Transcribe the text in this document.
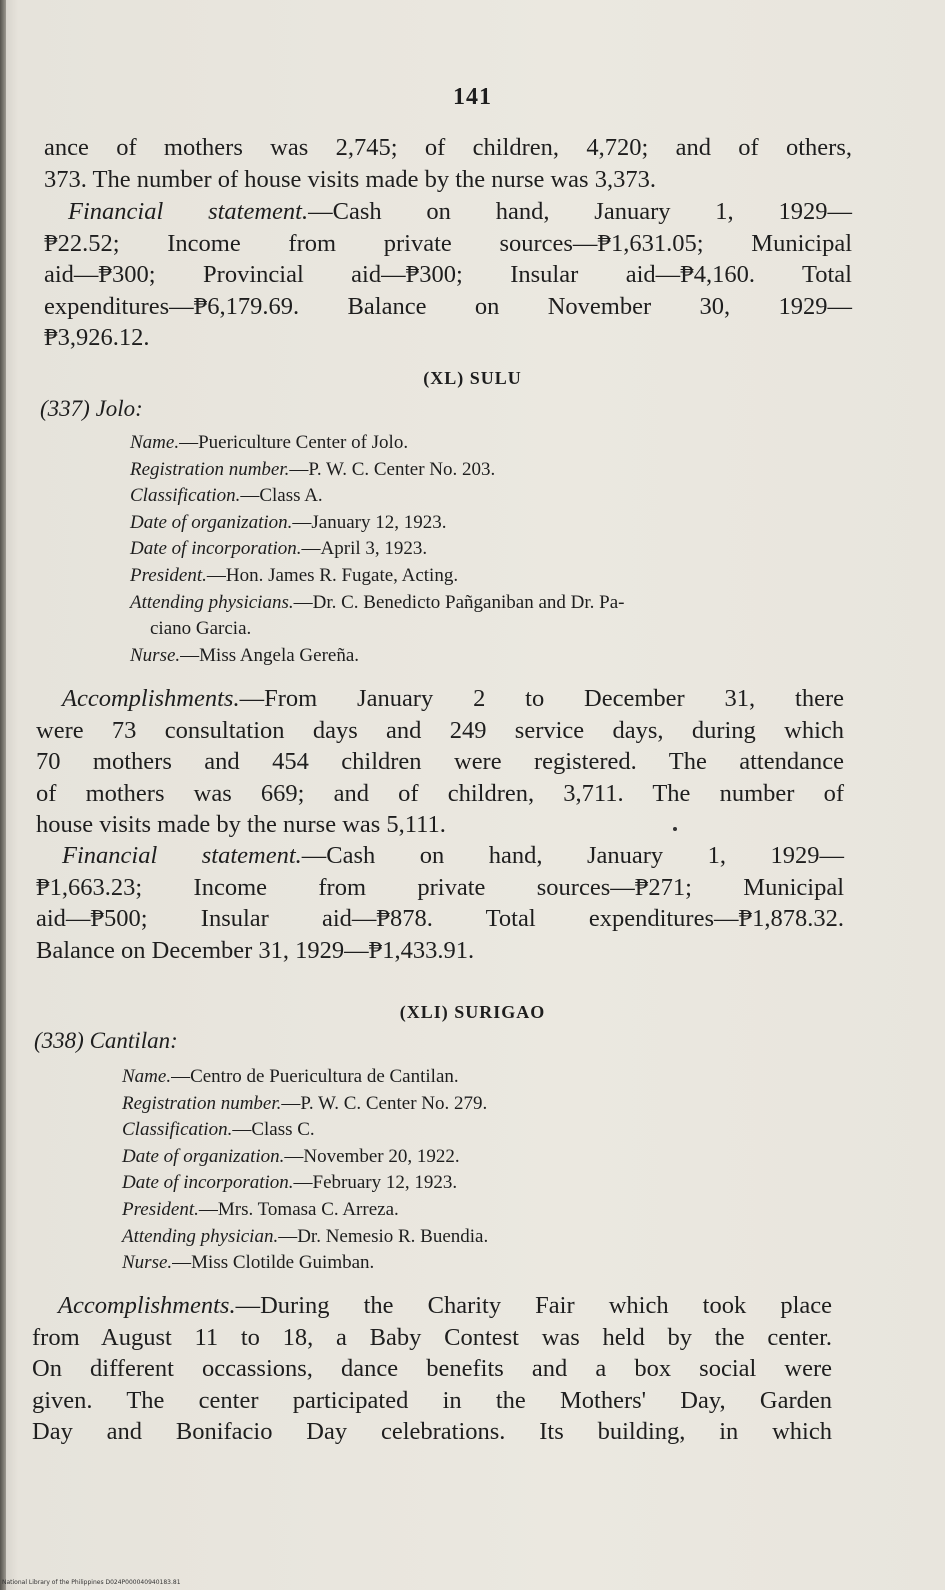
141
ance of mothers was 2,745; of children, 4,720; and of others,
373. The number of house visits made by the nurse was 3,373.
Financial statement.—Cash on hand, January 1, 1929—
₱22.52; Income from private sources—₱1,631.05; Municipal
aid—₱300; Provincial aid—₱300; Insular aid—₱4,160. Total
expenditures—₱6,179.69. Balance on November 30, 1929—
₱3,926.12.
(XL) SULU
(337) Jolo:
Name.—Puericulture Center of Jolo.
Registration number.—P. W. C. Center No. 203.
Classification.—Class A.
Date of organization.—January 12, 1923.
Date of incorporation.—April 3, 1923.
President.—Hon. James R. Fugate, Acting.
Attending physicians.—Dr. C. Benedicto Pañganiban and Dr. Pa-
ciano Garcia.
Nurse.—Miss Angela Gereña.
Accomplishments.—From January 2 to December 31, there
were 73 consultation days and 249 service days, during which
70 mothers and 454 children were registered. The attendance
of mothers was 669; and of children, 3,711. The number of
house visits made by the nurse was 5,111.
Financial statement.—Cash on hand, January 1, 1929—
₱1,663.23; Income from private sources—₱271; Municipal
aid—₱500; Insular aid—₱878. Total expenditures—₱1,878.32.
Balance on December 31, 1929—₱1,433.91.
(XLI) SURIGAO
(338) Cantilan:
Name.—Centro de Puericultura de Cantilan.
Registration number.—P. W. C. Center No. 279.
Classification.—Class C.
Date of organization.—November 20, 1922.
Date of incorporation.—February 12, 1923.
President.—Mrs. Tomasa C. Arreza.
Attending physician.—Dr. Nemesio R. Buendia.
Nurse.—Miss Clotilde Guimban.
Accomplishments.—During the Charity Fair which took place
from August 11 to 18, a Baby Contest was held by the center.
On different occassions, dance benefits and a box social were
given. The center participated in the Mothers' Day, Garden
Day and Bonifacio Day celebrations. Its building, in which
National Library of the Philippines D024P000040940183.81
